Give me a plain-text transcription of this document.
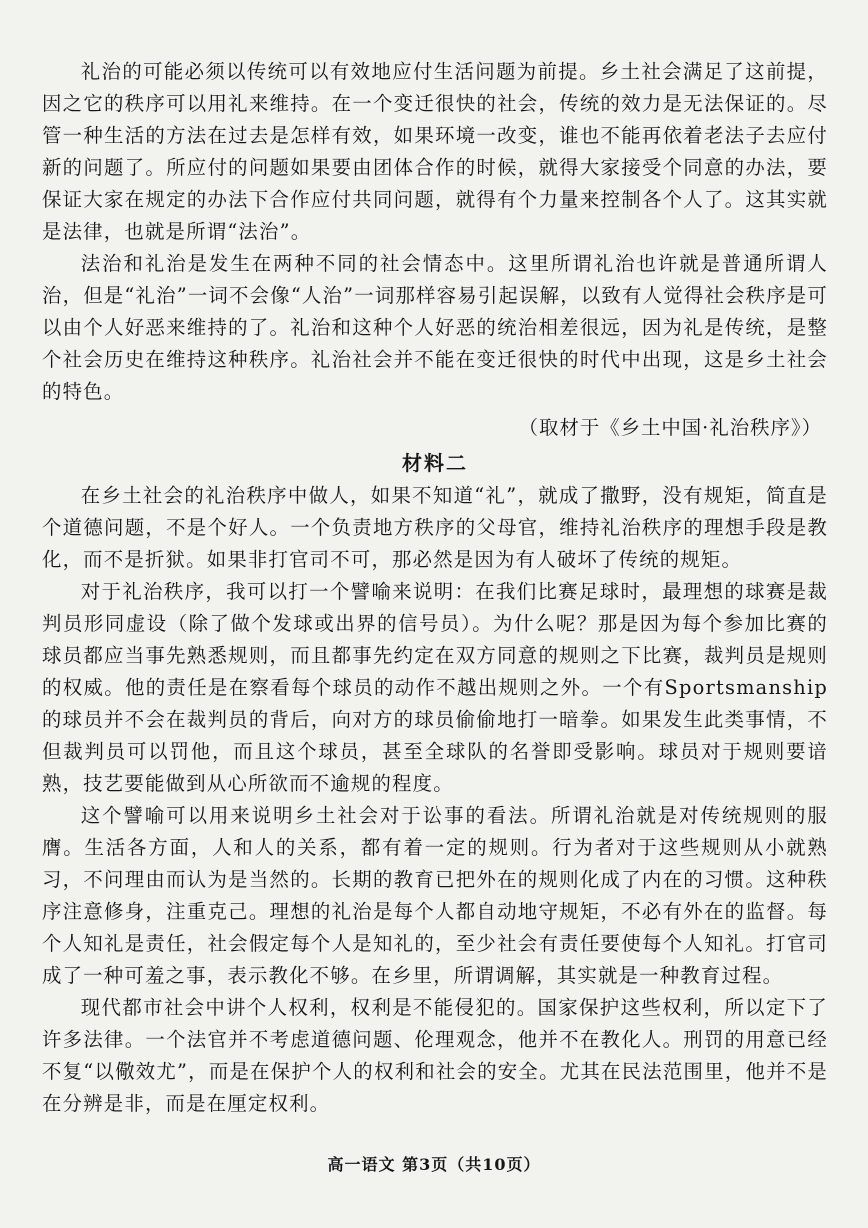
礼治的可能必须以传统可以有效地应付生活问题为前提。乡土社会满足了这前提，因之它的秩序可以用礼来维持。在一个变迁很快的社会，传统的效力是无法保证的。尽管一种生活的方法在过去是怎样有效，如果环境一改变，谁也不能再依着老法子去应付新的问题了。所应付的问题如果要由团体合作的时候，就得大家接受个同意的办法，要保证大家在规定的办法下合作应付共同问题，就得有个力量来控制各个人了。这其实就是法律，也就是所谓“法治”。

法治和礼治是发生在两种不同的社会情态中。这里所谓礼治也许就是普通所谓人治，但是“礼治”一词不会像“人治”一词那样容易引起误解，以致有人觉得社会秩序是可以由个人好恶来维持的了。礼治和这种个人好恶的统治相差很远，因为礼是传统，是整个社会历史在维持这种秩序。礼治社会并不能在变迁很快的时代中出现，这是乡土社会的特色。

（取材于《乡土中国·礼治秩序》）
材料二

在乡土社会的礼治秩序中做人，如果不知道“礼”，就成了撒野，没有规矩，简直是个道德问题，不是个好人。一个负责地方秩序的父母官，维持礼治秩序的理想手段是教化，而不是折狱。如果非打官司不可，那必然是因为有人破坏了传统的规矩。

对于礼治秩序，我可以打一个譬喻来说明：在我们比赛足球时，最理想的球赛是裁判员形同虚设（除了做个发球或出界的信号员）。为什么呢？那是因为每个参加比赛的球员都应当事先熟悉规则，而且都事先约定在双方同意的规则之下比赛，裁判员是规则的权威。他的责任是在察看每个球员的动作不越出规则之外。一个有Sportsmanship的球员并不会在裁判员的背后，向对方的球员偷偷地打一暗拳。如果发生此类事情，不但裁判员可以罚他，而且这个球员，甚至全球队的名誉即受影响。球员对于规则要谙熟，技艺要能做到从心所欲而不逾规的程度。

这个譬喻可以用来说明乡土社会对于讼事的看法。所谓礼治就是对传统规则的服膺。生活各方面，人和人的关系，都有着一定的规则。行为者对于这些规则从小就熟习，不问理由而认为是当然的。长期的教育已把外在的规则化成了内在的习惯。这种秩序注意修身，注重克己。理想的礼治是每个人都自动地守规矩，不必有外在的监督。每个人知礼是责任，社会假定每个人是知礼的，至少社会有责任要使每个人知礼。打官司成了一种可羞之事，表示教化不够。在乡里，所谓调解，其实就是一种教育过程。

现代都市社会中讲个人权利，权利是不能侵犯的。国家保护这些权利，所以定下了许多法律。一个法官并不考虑道德问题、伦理观念，他并不在教化人。刑罚的用意已经不复“以儆效尤”，而是在保护个人的权利和社会的安全。尤其在民法范围里，他并不是在分辨是非，而是在厘定权利。

高一语文 第3页（共10页）
